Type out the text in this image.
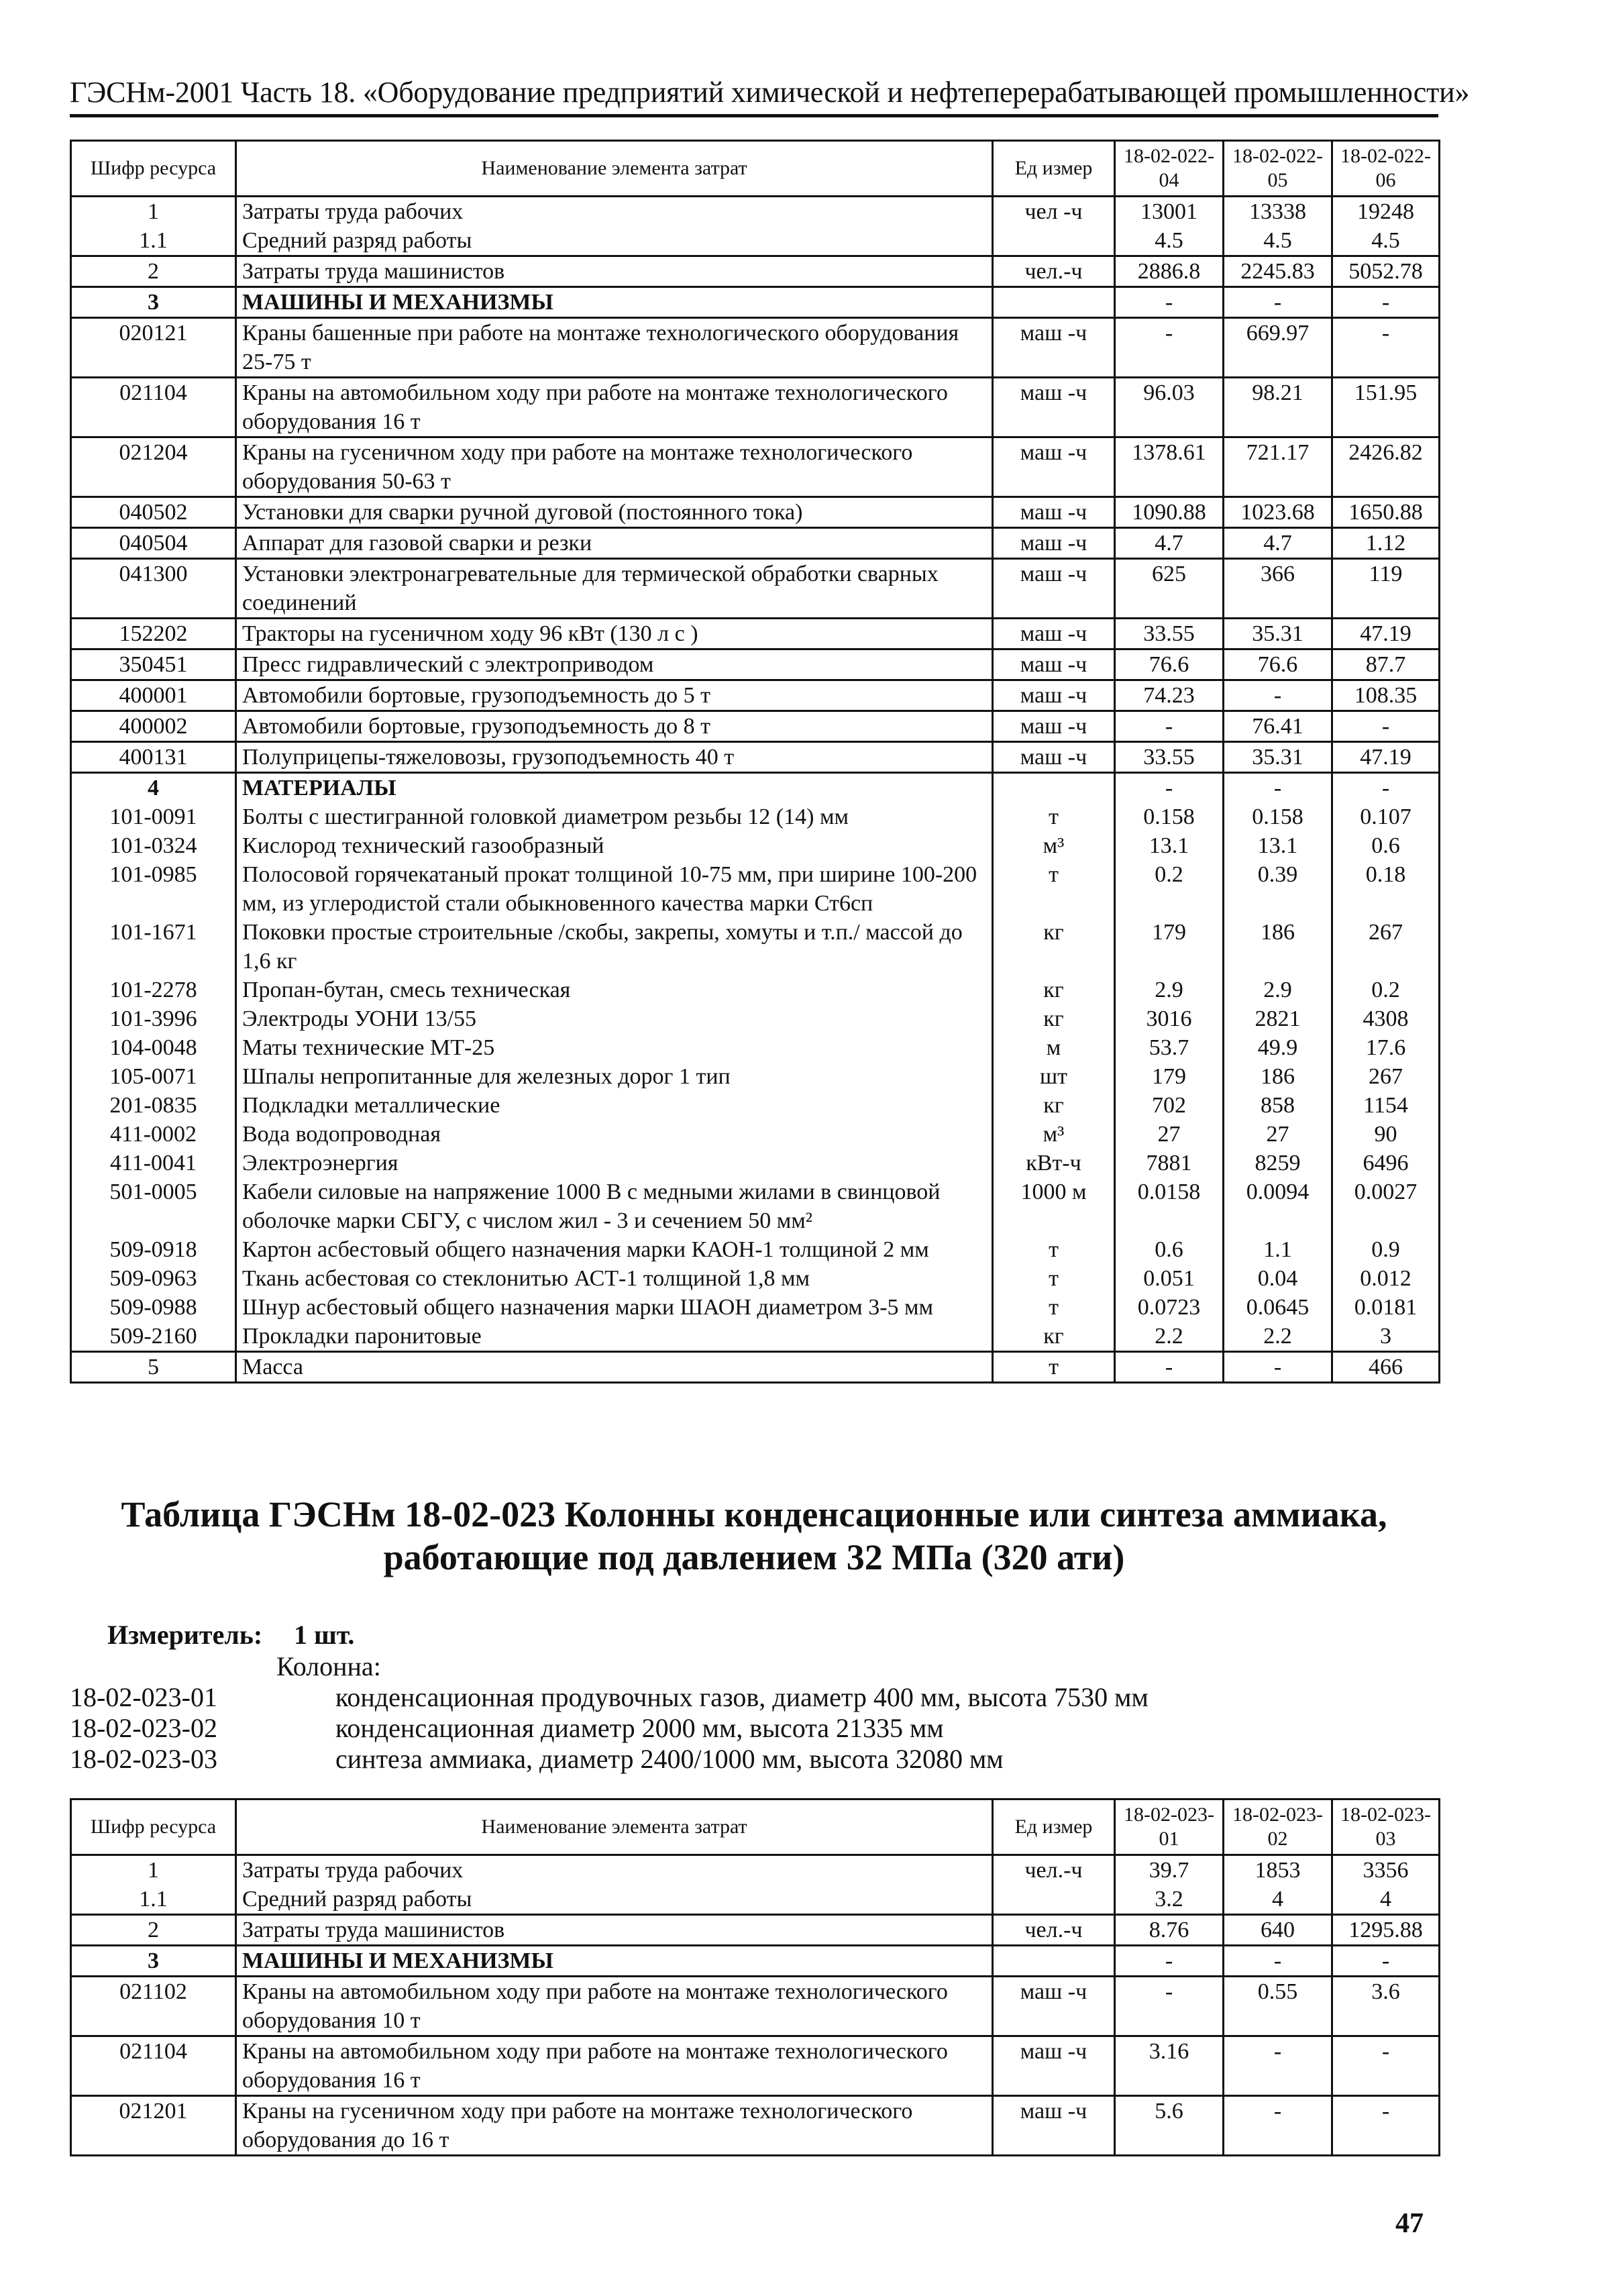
ГЭСНм-2001 Часть 18. «Оборудование предприятий химической и нефтеперерабатывающей промышленности»
Шифр ресурса	Наименование элемента затрат	Ед измер	18-02-022-04	18-02-022-05	18-02-022-06
1	Затраты труда рабочих	чел -ч	13001	13338	19248
1.1	Средний разряд работы		4.5	4.5	4.5
2	Затраты труда машинистов	чел.-ч	2886.8	2245.83	5052.78
3	МАШИНЫ И МЕХАНИЗМЫ		-	-	-
020121	Краны башенные при работе на монтаже технологического оборудования 25-75 т	маш -ч	-	669.97	-
021104	Краны на автомобильном ходу при работе на монтаже технологического оборудования 16 т	маш -ч	96.03	98.21	151.95
021204	Краны на гусеничном ходу при работе на монтаже технологического оборудования 50-63 т	маш -ч	1378.61	721.17	2426.82
040502	Установки для сварки ручной дуговой (постоянного тока)	маш -ч	1090.88	1023.68	1650.88
040504	Аппарат для газовой сварки и резки	маш -ч	4.7	4.7	1.12
041300	Установки электронагревательные для термической обработки сварных соединений	маш -ч	625	366	119
152202	Тракторы на гусеничном ходу 96 кВт (130 л с )	маш -ч	33.55	35.31	47.19
350451	Пресс гидравлический с электроприводом	маш -ч	76.6	76.6	87.7
400001	Автомобили бортовые, грузоподъемность до 5 т	маш -ч	74.23	-	108.35
400002	Автомобили бортовые, грузоподъемность до 8 т	маш -ч	-	76.41	-
400131	Полуприцепы-тяжеловозы, грузоподъемность 40 т	маш -ч	33.55	35.31	47.19
4	МАТЕРИАЛЫ		-	-	-
101-0091	Болты с шестигранной головкой диаметром резьбы 12 (14) мм	т	0.158	0.158	0.107
101-0324	Кислород технический газообразный	м³	13.1	13.1	0.6
101-0985	Полосовой горячекатаный прокат толщиной 10-75 мм, при ширине 100-200 мм, из углеродистой стали обыкновенного качества марки Ст6сп	т	0.2	0.39	0.18
101-1671	Поковки простые строительные /скобы, закрепы, хомуты и т.п./ массой до 1,6 кг	кг	179	186	267
101-2278	Пропан-бутан, смесь техническая	кг	2.9	2.9	0.2
101-3996	Электроды УОНИ 13/55	кг	3016	2821	4308
104-0048	Маты технические МТ-25	м	53.7	49.9	17.6
105-0071	Шпалы непропитанные для железных дорог 1 тип	шт	179	186	267
201-0835	Подкладки металлические	кг	702	858	1154
411-0002	Вода водопроводная	м³	27	27	90
411-0041	Электроэнергия	кВт-ч	7881	8259	6496
501-0005	Кабели силовые на напряжение 1000 В с медными жилами в свинцовой оболочке марки СБГУ, с числом жил - 3 и сечением 50 мм²	1000 м	0.0158	0.0094	0.0027
509-0918	Картон асбестовый общего назначения марки КАОН-1 толщиной 2 мм	т	0.6	1.1	0.9
509-0963	Ткань асбестовая со стеклонитью АСТ-1 толщиной 1,8 мм	т	0.051	0.04	0.012
509-0988	Шнур асбестовый общего назначения марки ШАОН диаметром 3-5 мм	т	0.0723	0.0645	0.0181
509-2160	Прокладки паронитовые	кг	2.2	2.2	3
5	Масса	т	-	-	466
Таблица ГЭСНм 18-02-023 Колонны конденсационные или синтеза аммиака, работающие под давлением 32 МПа (320 ати)
Измеритель: 1 шт.
Колонна:
18-02-023-01	конденсационная продувочных газов, диаметр 400 мм, высота 7530 мм
18-02-023-02	конденсационная диаметр 2000 мм, высота 21335 мм
18-02-023-03	синтеза аммиака, диаметр 2400/1000 мм, высота 32080 мм
Шифр ресурса	Наименование элемента затрат	Ед измер	18-02-023-01	18-02-023-02	18-02-023-03
1	Затраты труда рабочих	чел.-ч	39.7	1853	3356
1.1	Средний разряд работы		3.2	4	4
2	Затраты труда машинистов	чел.-ч	8.76	640	1295.88
3	МАШИНЫ И МЕХАНИЗМЫ		-	-	-
021102	Краны на автомобильном ходу при работе на монтаже технологического оборудования 10 т	маш -ч	-	0.55	3.6
021104	Краны на автомобильном ходу при работе на монтаже технологического оборудования 16 т	маш -ч	3.16	-	-
021201	Краны на гусеничном ходу при работе на монтаже технологического оборудования до 16 т	маш -ч	5.6	-	-
47
